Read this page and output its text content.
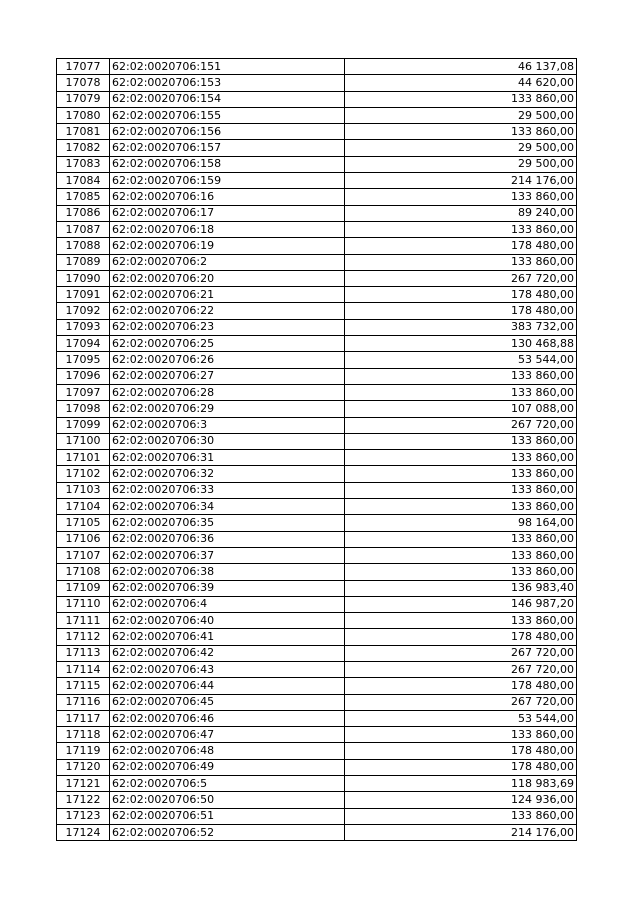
17077	62:02:0020706:151	46 137,08
17078	62:02:0020706:153	44 620,00
17079	62:02:0020706:154	133 860,00
17080	62:02:0020706:155	29 500,00
17081	62:02:0020706:156	133 860,00
17082	62:02:0020706:157	29 500,00
17083	62:02:0020706:158	29 500,00
17084	62:02:0020706:159	214 176,00
17085	62:02:0020706:16	133 860,00
17086	62:02:0020706:17	89 240,00
17087	62:02:0020706:18	133 860,00
17088	62:02:0020706:19	178 480,00
17089	62:02:0020706:2	133 860,00
17090	62:02:0020706:20	267 720,00
17091	62:02:0020706:21	178 480,00
17092	62:02:0020706:22	178 480,00
17093	62:02:0020706:23	383 732,00
17094	62:02:0020706:25	130 468,88
17095	62:02:0020706:26	53 544,00
17096	62:02:0020706:27	133 860,00
17097	62:02:0020706:28	133 860,00
17098	62:02:0020706:29	107 088,00
17099	62:02:0020706:3	267 720,00
17100	62:02:0020706:30	133 860,00
17101	62:02:0020706:31	133 860,00
17102	62:02:0020706:32	133 860,00
17103	62:02:0020706:33	133 860,00
17104	62:02:0020706:34	133 860,00
17105	62:02:0020706:35	98 164,00
17106	62:02:0020706:36	133 860,00
17107	62:02:0020706:37	133 860,00
17108	62:02:0020706:38	133 860,00
17109	62:02:0020706:39	136 983,40
17110	62:02:0020706:4	146 987,20
17111	62:02:0020706:40	133 860,00
17112	62:02:0020706:41	178 480,00
17113	62:02:0020706:42	267 720,00
17114	62:02:0020706:43	267 720,00
17115	62:02:0020706:44	178 480,00
17116	62:02:0020706:45	267 720,00
17117	62:02:0020706:46	53 544,00
17118	62:02:0020706:47	133 860,00
17119	62:02:0020706:48	178 480,00
17120	62:02:0020706:49	178 480,00
17121	62:02:0020706:5	118 983,69
17122	62:02:0020706:50	124 936,00
17123	62:02:0020706:51	133 860,00
17124	62:02:0020706:52	214 176,00
